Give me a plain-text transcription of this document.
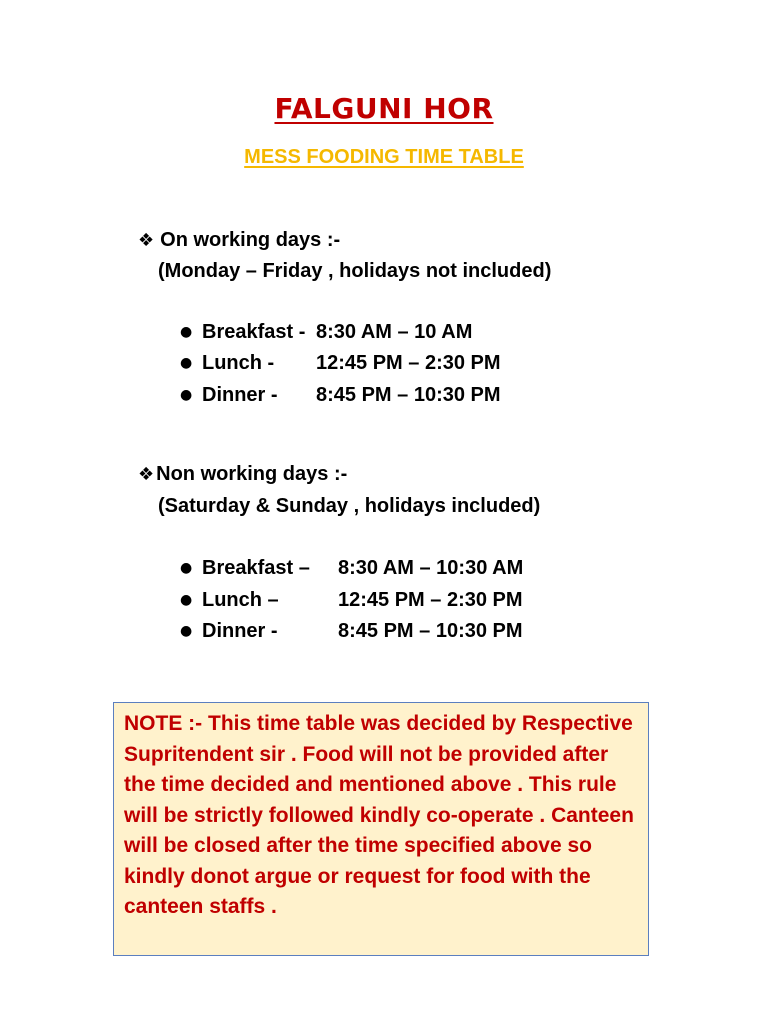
FALGUNI HOR
MESS FOODING TIME TABLE
❖ On working days :-
(Monday – Friday , holidays not included)
● Breakfast - 8:30 AM – 10 AM
● Lunch - 12:45 PM – 2:30 PM
● Dinner - 8:45 PM – 10:30 PM
❖ Non working days :-
(Saturday & Sunday , holidays included)
● Breakfast – 8:30 AM – 10:30 AM
● Lunch –	12:45 PM – 2:30 PM
● Dinner -	8:45 PM – 10:30 PM
NOTE :- This time table was decided by Respective Supritendent sir . Food will not be provided after the time decided and mentioned above . This rule will be strictly followed kindly co-operate . Canteen will be closed after the time specified above so kindly donot argue or request for food with the canteen staffs .
